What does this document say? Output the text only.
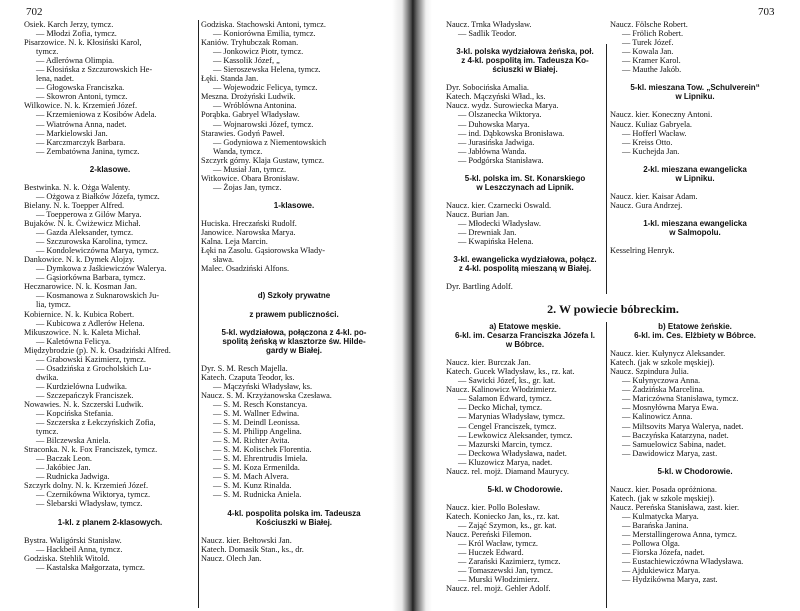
702	703
Osiek. Karch Jerzy, tymcz.
— Młodzi Zofia, tymcz.
Pisarzowice. N. k. Kłosiński Karol,
tymcz.
— Adlerówna Olimpia.
— Kłosińska z Szczurowskich He-
lena, nadet.
— Głogowska Franciszka.
— Skowron Antoni, tymcz.
Wilkowice. N. k. Krzemień Józef.
— Krzemieniowa z Kosibów Adela.
— Wiatrówna Anna, nadet.
— Markielowski Jan.
— Karczmarczyk Barbara.
— Zembatówna Janina, tymcz.
2-klasowe.
Bestwinka. N. k. Ożga Walenty.
— Ożgowa z Białków Józefa, tymcz.
Bielany. N. k. Toepper Alfred.
— Toepperowa z Gilów Marya.
Bujaków. N. k. Ćwiżewicz Michał.
— Gazda Aleksander, tymcz.
— Szczurowska Karolina, tymcz.
— Kondolewiczówna Marya, tymcz.
Dankowice. N. k. Dymek Alojzy.
— Dymkowa z Jaśkiewiczów Walerya.
— Gąsiorkówna Barbara, tymcz.
Hecznarowice. N. k. Kosman Jan.
— Kosmanowa z Suknarowskich Ju-
lia, tymcz.
Kobiernice. N. k. Kubica Robert.
— Kubicowa z Adlerów Helena.
Mikuszowice. N. k. Kaleta Michał.
— Kaletówna Felicya.
Międzybrodzie (p). N. k. Osadziński Alfred.
— Grabowski Kazimierz, tymcz.
— Osadzińska z Grocholskich Lu-
dwika.
— Kurdzielówna Ludwika.
— Szczepańczyk Franciszek.
Nowawies. N. k. Szczerski Ludwik.
— Kopcińska Stefania.
— Szczerska z Łekczyńskich Zofia,
tymcz.
— Bilczewska Aniela.
Straconka. N. k. Fox Franciszek, tymcz.
— Baczak Leon.
— Jakóbiec Jan.
— Rudnicka Jadwiga.
Szczyrk dolny. N. k. Krzemień Józef.
— Czernikówna Wiktorya, tymcz.
— Ślebarski Władysław, tymcz.
1-kl. z planem 2-klasowych.
Bystra. Waligórski Stanisław.
— Hackbeil Anna, tymcz.
Godziska. Stehlik Witold.
— Kastalska Małgorzata, tymcz.
Godziska. Stachowski Antoni, tymcz.
— Koniorówna Emilia, tymcz.
Kaniów. Tryhubczak Roman.
— Jonkowicz Piotr, tymcz.
— Kassolik Józef, „
— Sieroszewska Helena, tymcz.
Łęki. Standa Jan.
— Wojewodzic Felicya, tymcz.
Meszna. Drożyński Ludwik.
— Wróblówna Antonina.
Porąbka. Gabryel Władysław.
— Wojnarowski Józef, tymcz.
Starawies. Godyń Paweł.
— Godyniowa z Niementowskich
Wanda, tymcz.
Szczyrk górny. Klaja Gustaw, tymcz.
— Musiał Jan, tymcz.
Witkowice. Obara Bronisław.
— Żojas Jan, tymcz.
1-klasowe.
Huciska. Hreczański Rudolf.
Janowice. Narowska Marya.
Kalna. Leja Marcin.
Łęki na Zasolu. Gąsiorowska Włady-
sława.
Malec. Osadziński Alfons.
d) Szkoły prywatne
z prawem publiczności.
5-kl. wydziałowa, połączona z 4-kl. po-
spolitą żeńską w klasztorze św. Hilde-
gardy w Białej.
Dyr. S. M. Resch Majella.
Katech. Czaputa Teodor, ks.
— Mączyński Władysław, ks.
Naucz. S. M. Krzyżanowska Czesława.
— S. M. Resch Konstancya.
— S. M. Wallner Edwina.
— S. M. Deindl Leonissa.
— S. M. Philipp Angelina.
— S. M. Richter Avita.
— S. M. Kolischek Florentia.
— S. M. Ehrentrudis Imiela.
— S. M. Koza Ermenilda.
— S. M. Mach Alvera.
— S. M. Kunz Rinalda.
— S. M. Rudnicka Aniela.
4-kl. pospolita polska im. Tadeusza
Kościuszki w Białej.
Naucz. kier. Bełtowski Jan.
Katech. Domasik Stan., ks., dr.
Naucz. Olech Jan.
Naucz. Trnka Władysław.
— Sadlik Teodor.
3-kl. polska wydziałowa żeńska, poł.
z 4-kl. pospolitą im. Tadeusza Ko-
ściuszki w Białej.
Dyr. Sobocińska Amalia.
Katech. Mączyński Wład., ks.
Naucz. wydz. Surowiecka Marya.
— Olszanecka Wiktorya.
— Duhowska Marya.
— ind. Dąbkowska Bronisława.
— Jurasińska Jadwiga.
— Jabłówna Wanda.
— Podgórska Stanisława.
5-kl. polska im. St. Konarskiego
w Leszczynach ad Lipnik.
Naucz. kier. Czarnecki Oswald.
Naucz. Burian Jan.
— Młodecki Władysław.
— Drewniak Jan.
— Kwapińska Helena.
3-kl. ewangelicka wydziałowa, połącz.
z 4-kl. pospolitą mieszaną w Białej.
Dyr. Bartling Adolf.
Naucz. Fölsche Robert.
— Frölich Robert.
— Turek Józef.
— Kowala Jan.
— Kramer Karol.
— Mauthe Jakób.
5-kl. mieszana Tow. „Schulverein“
w Lipniku.
Naucz. kier. Koneczny Antoni.
Naucz. Kuliaz Gabryela.
— Hofferl Wacław.
— Kreiss Otto.
— Kuchejda Jan.
2-kl. mieszana ewangelicka
w Lipniku.
Naucz. kier. Kaisar Adam.
Naucz. Gura Andrzej.
1-kl. mieszana ewangelicka
w Salmopolu.
Kesselring Henryk.
2. W powiecie bóbreckim.
a) Etatowe męskie.
6-kl. im. Cesarza Franciszka Józefa I.
w Bóbrce.
Naucz. kier. Burczak Jan.
Katech. Gucek Władysław, ks., rz. kat.
— Sawicki Józef, ks., gr. kat.
Naucz. Kalinowicz Włodzimierz.
— Salamon Edward, tymcz.
— Decko Michał, tymcz.
— Marynias Władysław, tymcz.
— Cengel Franciszek, tymcz.
— Lewkowicz Aleksander, tymcz.
— Mazurski Marcin, tymcz.
— Deckowa Władysława, nadet.
— Kluzowicz Marya, nadet.
Naucz. rel. mojż. Diamand Maurycy.
5-kl. w Chodorowie.
Naucz. kier. Pollo Bolesław.
Katech. Koniecko Jan, ks., rz. kat.
— Zająć Szymon, ks., gr. kat.
Naucz. Pereński Filemon.
— Król Wacław, tymcz.
— Huczek Edward.
— Zarański Kazimierz, tymcz.
— Tomaszewski Jan, tymcz.
— Murski Włodzimierz.
Naucz. rel. mojż. Gehler Adolf.
b) Etatowe żeńskie.
6-kl. im. Ces. Elżbiety w Bóbrce.
Naucz. kier. Kułynycz Aleksander.
Katech. (jak w szkole męskiej).
Naucz. Szpindura Julia.
— Kułynyczowa Anna.
— Żadzińska Marcelina.
— Mariczówna Stanisława, tymcz.
— Mosnyłówna Marya Ewa.
— Kalinowicz Anna.
— Miltsovits Marya Walerya, nadet.
— Baczyńska Katarzyna, nadet.
— Samuelowicz Sabina, nadet.
— Dawidowicz Marya, zast.
5-kl. w Chodorowie.
Naucz. kier. Posada opróżniona.
Katech. (jak w szkole męskiej).
Naucz. Pereńska Stanisława, zast. kier.
— Kulmatycka Marya.
— Barańska Janina.
— Merstallingerowa Anna, tymcz.
— Pollowa Olga.
— Fiorska Józefa, nadet.
— Eustachiewiczówna Władysława.
— Ajdukiewicz Marya.
— Hydzikówna Marya, zast.
